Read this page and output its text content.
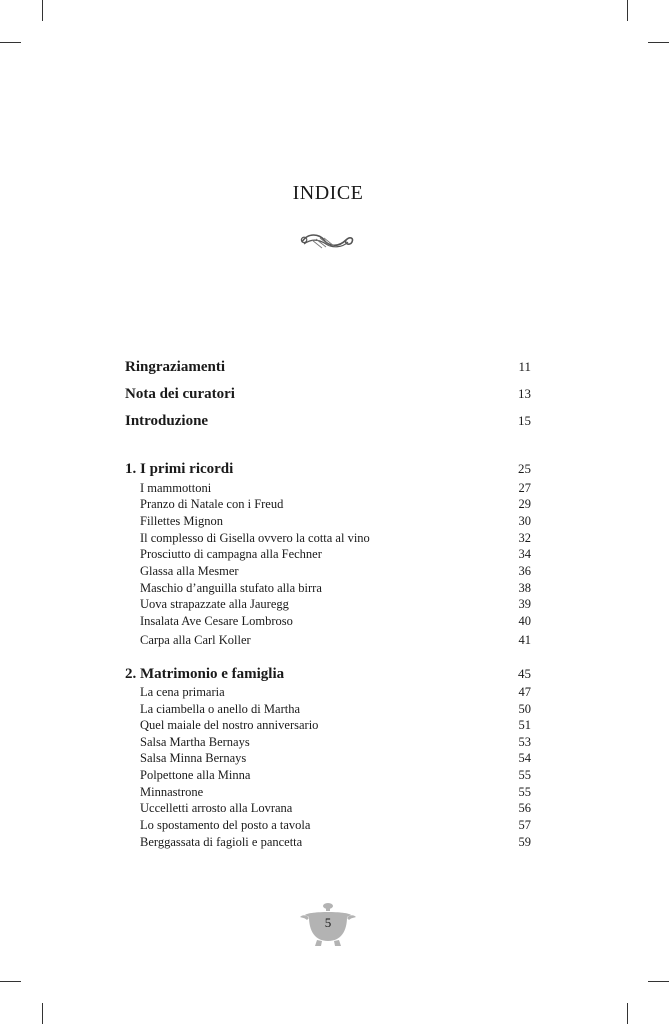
INDICE
Ringraziamenti	11
Nota dei curatori	13
Introduzione	15
1. I primi ricordi	25
I mammottoni	27
Pranzo di Natale con i Freud	29
Fillettes Mignon	30
Il complesso di Gisella ovvero la cotta al vino	32
Prosciutto di campagna alla Fechner	34
Glassa alla Mesmer	36
Maschio d’anguilla stufato alla birra	38
Uova strapazzate alla Jauregg	39
Insalata Ave Cesare Lombroso	40
Carpa alla Carl Koller	41
2. Matrimonio e famiglia	45
La cena primaria	47
La ciambella o anello di Martha	50
Quel maiale del nostro anniversario	51
Salsa Martha Bernays	53
Salsa Minna Bernays	54
Polpettone alla Minna	55
Minnastrone	55
Uccelletti arrosto alla Lovrana	56
Lo spostamento del posto a tavola	57
Berggassata di fagioli e pancetta	59
5
